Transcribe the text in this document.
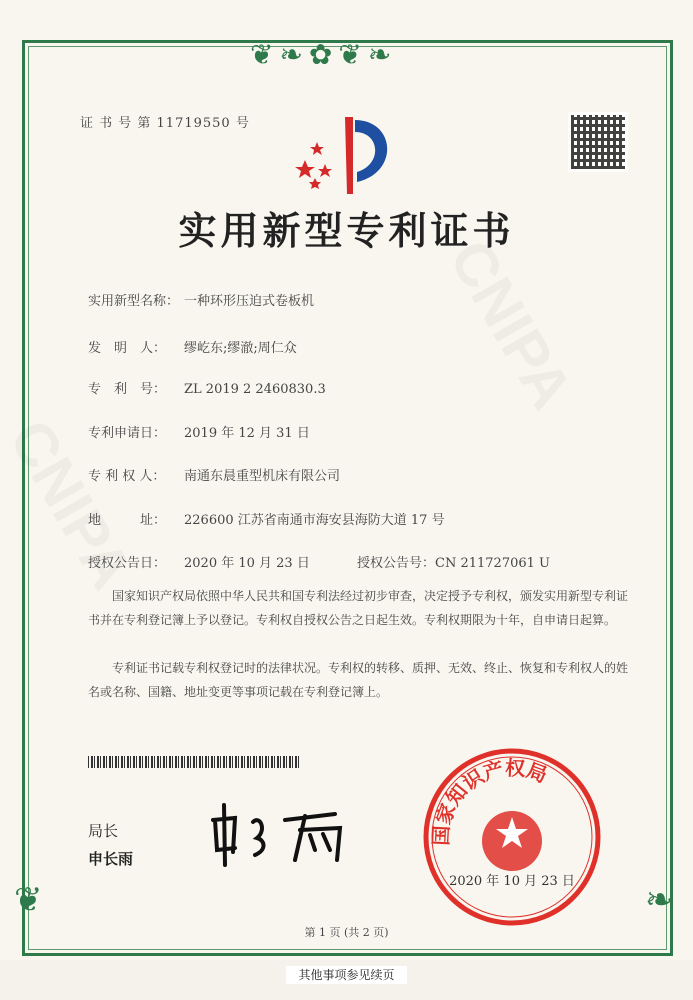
❦❧✿❦❧
❦	❧
证 书 号 第 11719550 号
实用新型专利证书
实用新型名称： 一种环形压迫式卷板机
发　明　人： 缪屹东;缪澈;周仁众
专　利　号： ZL 2019 2 2460830.3
专利申请日： 2019 年 12 月 31 日
专 利 权 人： 南通东晨重型机床有限公司
地　　　址： 226600 江苏省南通市海安县海防大道 17 号
授权公告日： 2020 年 10 月 23 日	授权公告号：CN 211727061 U
国家知识产权局依照中华人民共和国专利法经过初步审查，决定授予专利权，颁发实用新型专利证书并在专利登记簿上予以登记。专利权自授权公告之日起生效。专利权期限为十年，自申请日起算。
专利证书记载专利权登记时的法律状况。专利权的转移、质押、无效、终止、恢复和专利权人的姓名或名称、国籍、地址变更等事项记载在专利登记簿上。
局长
申长雨
国家知识产权局
2020 年 10 月 23 日
第 1 页 (共 2 页)
其他事项参见续页
